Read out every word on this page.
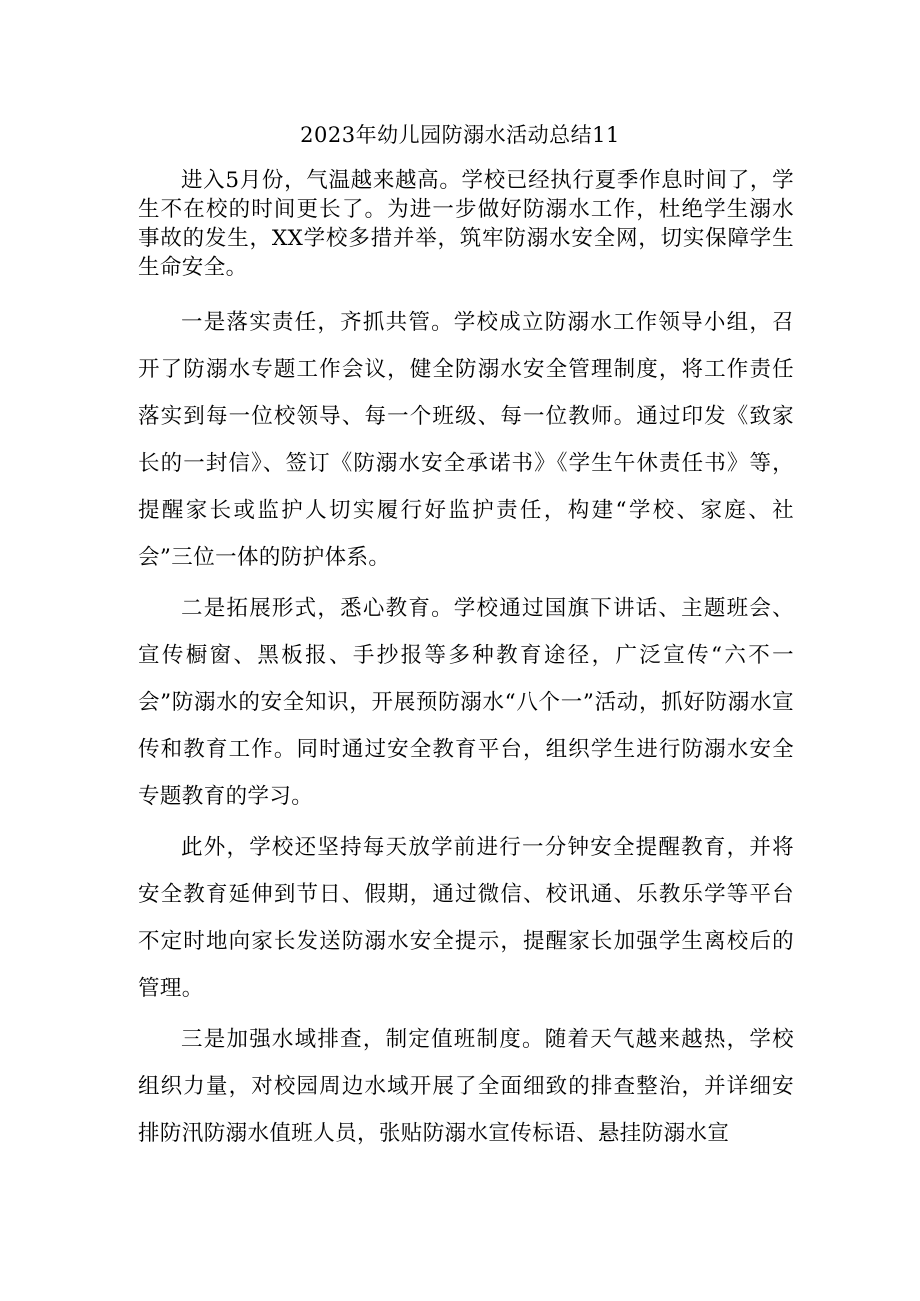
2023年幼儿园防溺水活动总结11

进入5月份，气温越来越高。学校已经执行夏季作息时间了，学生不在校的时间更长了。为进一步做好防溺水工作，杜绝学生溺水事故的发生，XX学校多措并举，筑牢防溺水安全网，切实保障学生生命安全。

一是落实责任，齐抓共管。学校成立防溺水工作领导小组，召开了防溺水专题工作会议，健全防溺水安全管理制度，将工作责任落实到每一位校领导、每一个班级、每一位教师。通过印发《致家长的一封信》、签订《防溺水安全承诺书》《学生午休责任书》等，提醒家长或监护人切实履行好监护责任，构建“学校、家庭、社会”三位一体的防护体系。

二是拓展形式，悉心教育。学校通过国旗下讲话、主题班会、宣传橱窗、黑板报、手抄报等多种教育途径，广泛宣传“六不一会”防溺水的安全知识，开展预防溺水“八个一”活动，抓好防溺水宣传和教育工作。同时通过安全教育平台，组织学生进行防溺水安全专题教育的学习。

此外，学校还坚持每天放学前进行一分钟安全提醒教育，并将安全教育延伸到节日、假期，通过微信、校讯通、乐教乐学等平台不定时地向家长发送防溺水安全提示，提醒家长加强学生离校后的管理。

三是加强水域排查，制定值班制度。随着天气越来越热，学校组织力量，对校园周边水域开展了全面细致的排查整治，并详细安排防汛防溺水值班人员，张贴防溺水宣传标语、悬挂防溺水宣
